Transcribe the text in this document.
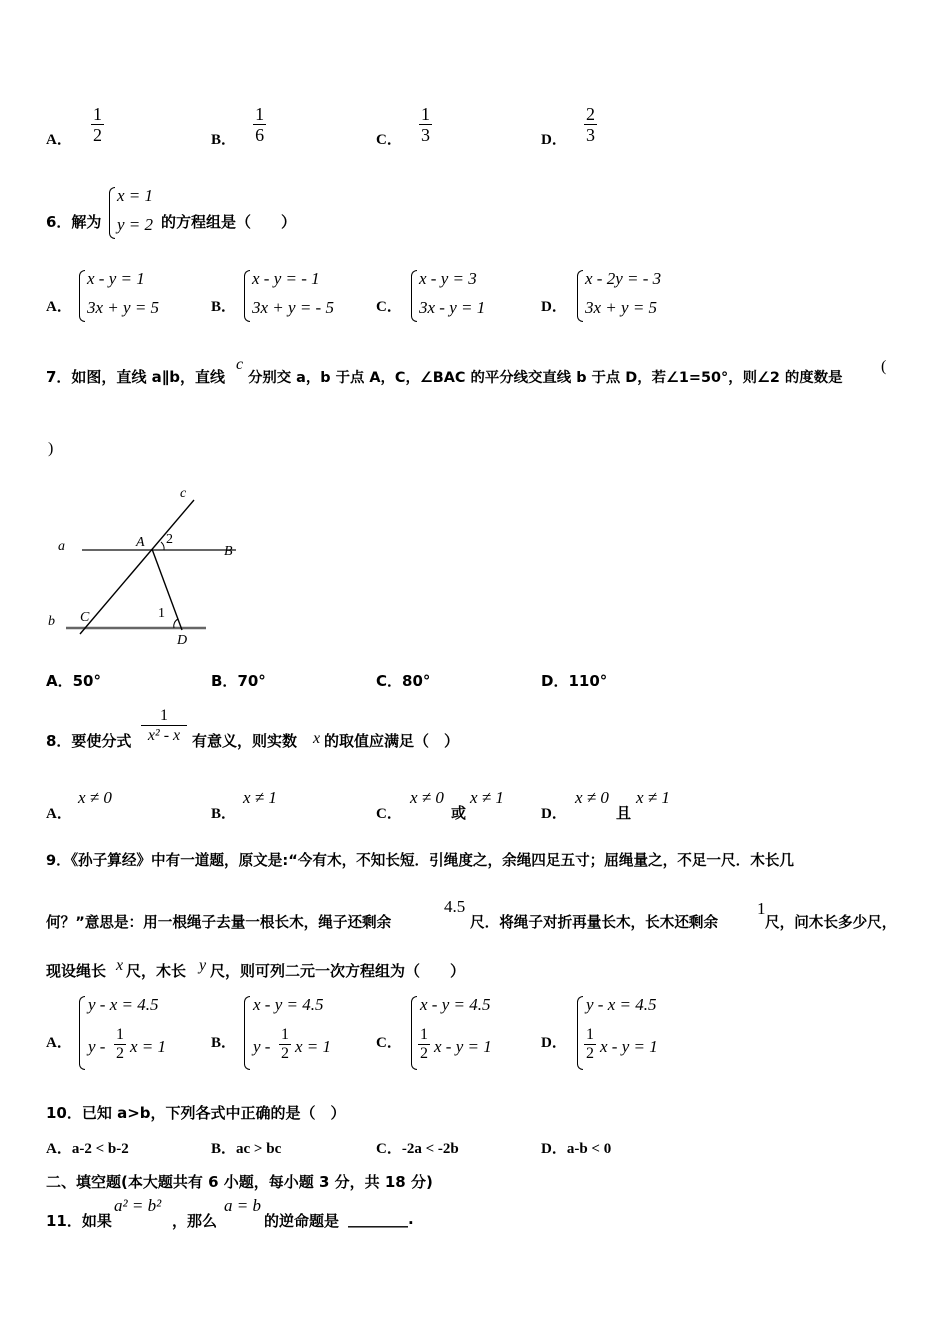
A． $\frac{1}{2}$	B． $\frac{1}{6}$	C． $\frac{1}{3}$	D． $\frac{2}{3}$
6．解为
x = 1
y = 2 的方程组是（　　）
A．
x - y = 1
3x + y = 5	B．
x - y = - 1
3x + y = - 5	C．
x - y = 3
3x - y = 1	D．
x - 2y = - 3
3x + y = 5
7．如图，直线 a∥b，直线
c
分别交 a，b 于点 A，C，∠BAC 的平分线交直线 b 于点 D，若∠1=50°，则∠2 的度数是
(
)
c
a	A 2
B
b C	1
D
A．50°	B．70°	C．80°	D．110°
8．要使分式
1
x² - x 有意义，则实数 x 的取值应满足（　）
A．
x ≠ 0
B．
x ≠ 1
C．
x ≠ 0
或
x ≠ 1
D．
x ≠ 0
且
x ≠ 1
9．《孙子算经》中有一道题，原文是:“今有木，不知长短．引绳度之，余绳四足五寸；屈绳量之，不足一尺．木长几
何？”意思是：用一根绳子去量一根长木，绳子还剩余
4.5
尺．将绳子对折再量长木，长木还剩余
1
尺，问木长多少尺，
现设绳长 x 尺，木长 y 尺，则可列二元一次方程组为（　　）
A．
y - x = 4.5
y - $\frac{1}{2}$ x = 1	B．
x - y = 4.5
y - $\frac{1}{2}$ x = 1	C．
x - y = 4.5
$\frac{1}{2}$ x - y = 1	D．
y - x = 4.5
$\frac{1}{2}$ x - y = 1
10．已知 a>b，下列各式中正确的是（　）
A．a-2 < b-2	B．ac > bc	C．-2a < -2b	D．a-b < 0
二、填空题(本大题共有 6 小题，每小题 3 分，共 18 分)
11．如果
a² = b²
，那么
a = b
的逆命题是 ________.
